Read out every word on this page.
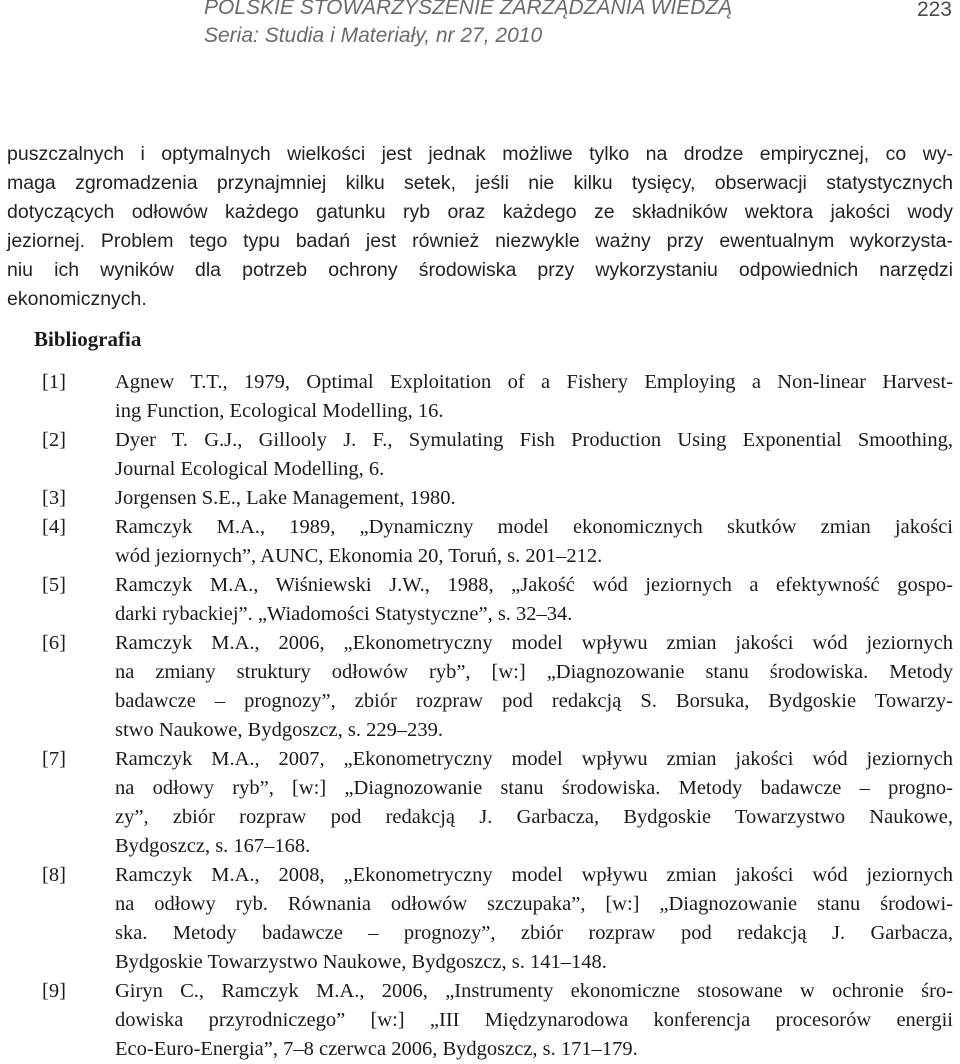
POLSKIE STOWARZYSZENIE ZARZĄDZANIA WIEDZĄ
Seria: Studia i Materiały, nr 27, 2010
223
puszczalnych i optymalnych wielkości jest jednak możliwe tylko na drodze empirycznej, co wy-
maga zgromadzenia przynajmniej kilku setek, jeśli nie kilku tysięcy, obserwacji statystycznych
dotyczących odłowów każdego gatunku ryb oraz każdego ze składników wektora jakości wody
jeziornej. Problem tego typu badań jest również niezwykle ważny przy ewentualnym wykorzysta-
niu ich wyników dla potrzeb ochrony środowiska przy wykorzystaniu odpowiednich narzędzi
ekonomicznych.
Bibliografia
[1] Agnew T.T., 1979, Optimal Exploitation of a Fishery Employing a Non-linear Harvest-
ing Function, Ecological Modelling, 16.
[2] Dyer T. G.J., Gillooly J. F., Symulating Fish Production Using Exponential Smoothing,
Journal Ecological Modelling, 6.
[3] Jorgensen S.E., Lake Management, 1980.
[4] Ramczyk M.A., 1989, „Dynamiczny model ekonomicznych skutków zmian jakości
wód jeziornych”, AUNC, Ekonomia 20, Toruń, s. 201–212.
[5] Ramczyk M.A., Wiśniewski J.W., 1988, „Jakość wód jeziornych a efektywność gospo-
darki rybackiej”. „Wiadomości Statystyczne”, s. 32–34.
[6] Ramczyk M.A., 2006, „Ekonometryczny model wpływu zmian jakości wód jeziornych
na zmiany struktury odłowów ryb”, [w:] „Diagnozowanie stanu środowiska. Metody
badawcze – prognozy”, zbiór rozpraw pod redakcją S. Borsuka, Bydgoskie Towarzy-
stwo Naukowe, Bydgoszcz, s. 229–239.
[7] Ramczyk M.A., 2007, „Ekonometryczny model wpływu zmian jakości wód jeziornych
na odłowy ryb”, [w:] „Diagnozowanie stanu środowiska. Metody badawcze – progno-
zy”, zbiór rozpraw pod redakcją J. Garbacza, Bydgoskie Towarzystwo Naukowe,
Bydgoszcz, s. 167–168.
[8] Ramczyk M.A., 2008, „Ekonometryczny model wpływu zmian jakości wód jeziornych
na odłowy ryb. Równania odłowów szczupaka”, [w:] „Diagnozowanie stanu środowi-
ska. Metody badawcze – prognozy”, zbiór rozpraw pod redakcją J. Garbacza,
Bydgoskie Towarzystwo Naukowe, Bydgoszcz, s. 141–148.
[9] Giryn C., Ramczyk M.A., 2006, „Instrumenty ekonomiczne stosowane w ochronie śro-
dowiska przyrodniczego” [w:] „III Międzynarodowa konferencja procesorów energii
Eco-Euro-Energia”, 7–8 czerwca 2006, Bydgoszcz, s. 171–179.
